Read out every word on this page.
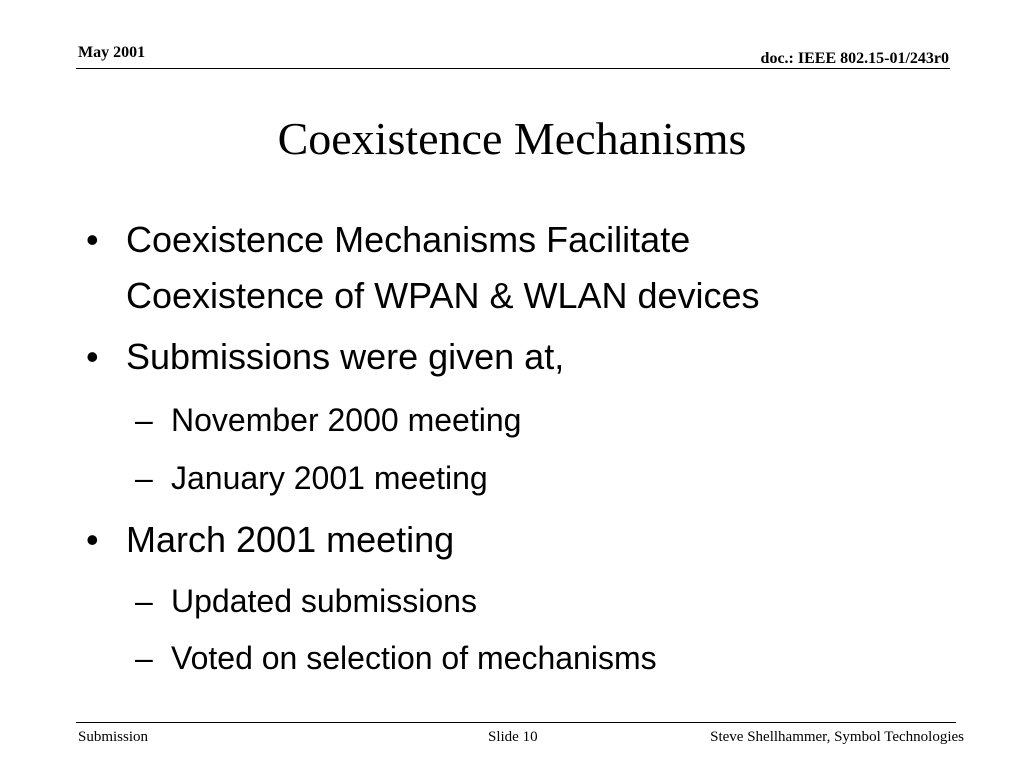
May 2001	doc.: IEEE 802.15-01/243r0
Coexistence Mechanisms
• Coexistence Mechanisms Facilitate
Coexistence of WPAN & WLAN devices
• Submissions were given at,
– November 2000 meeting
– January 2001 meeting
• March 2001 meeting
– Updated submissions
– Voted on selection of mechanisms
Submission	Slide 10	Steve Shellhammer, Symbol Technologies
